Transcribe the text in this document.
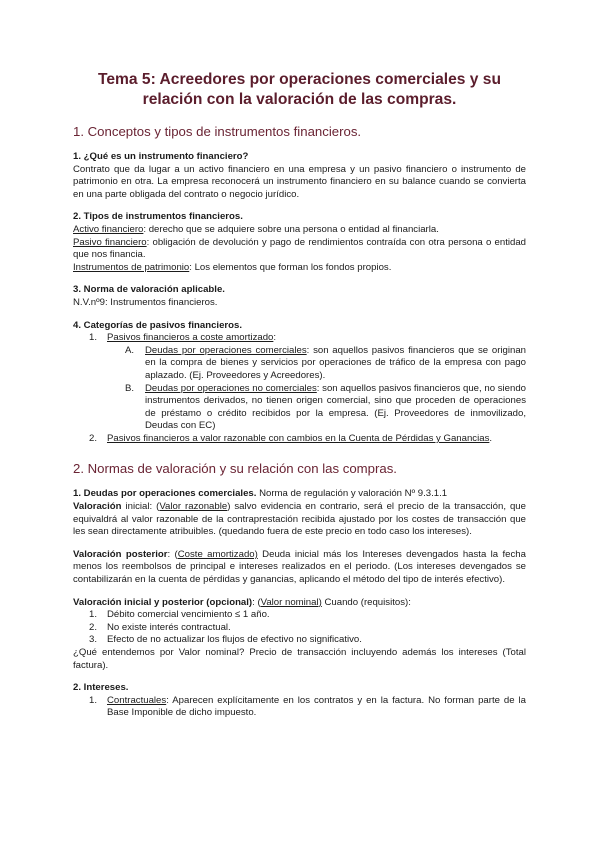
Tema 5: Acreedores por operaciones comerciales y su
relación con la valoración de las compras.
1. Conceptos y tipos de instrumentos financieros.

1. ¿Qué es un instrumento financiero?

Contrato que da lugar a un activo financiero en una empresa y un pasivo financiero o instrumento de patrimonio en otra. La empresa reconocerá un instrumento financiero en su balance cuando se convierta en una parte obligada del contrato o negocio jurídico.

2. Tipos de instrumentos financieros.

Activo financiero: derecho que se adquiere sobre una persona o entidad al financiarla.

Pasivo financiero: obligación de devolución y pago de rendimientos contraída con otra persona o entidad que nos financia.

Instrumentos de patrimonio: Los elementos que forman los fondos propios.

3. Norma de valoración aplicable.

N.V.nº9: Instrumentos financieros.

4. Categorías de pasivos financieros.

1.	Pasivos financieros a coste amortizado:
A.	Deudas por operaciones comerciales: son aquellos pasivos financieros que se originan en la compra de bienes y servicios por operaciones de tráfico de la empresa con pago aplazado. (Ej. Proveedores y Acreedores).
B.	Deudas por operaciones no comerciales: son aquellos pasivos financieros que, no siendo instrumentos derivados, no tienen origen comercial, sino que proceden de operaciones de préstamo o crédito recibidos por la empresa. (Ej. Proveedores de inmovilizado, Deudas con EC)
2.	Pasivos financieros a valor razonable con cambios en la Cuenta de Pérdidas y Ganancias.
2. Normas de valoración y su relación con las compras.

1. Deudas por operaciones comerciales. Norma de regulación y valoración Nº 9.3.1.1

Valoración inicial: (Valor razonable) salvo evidencia en contrario, será el precio de la transacción, que equivaldrá al valor razonable de la contraprestación recibida ajustado por los costes de transacción que les sean directamente atribuibles. (quedando fuera de este precio en todo caso los intereses).

Valoración posterior: (Coste amortizado) Deuda inicial más los Intereses devengados hasta la fecha menos los reembolsos de principal e intereses realizados en el periodo. (Los intereses devengados se contabilizarán en la cuenta de pérdidas y ganancias, aplicando el método del tipo de interés efectivo).

Valoración inicial y posterior (opcional): (Valor nominal) Cuando (requisitos):

1.	Débito comercial vencimiento ≤ 1 año.
2.	No existe interés contractual.
3.	Efecto de no actualizar los flujos de efectivo no significativo.

¿Qué entendemos por Valor nominal? Precio de transacción incluyendo además los intereses (Total factura).

2. Intereses.

1.	Contractuales: Aparecen explícitamente en los contratos y en la factura. No forman parte de la Base Imponible de dicho impuesto.
